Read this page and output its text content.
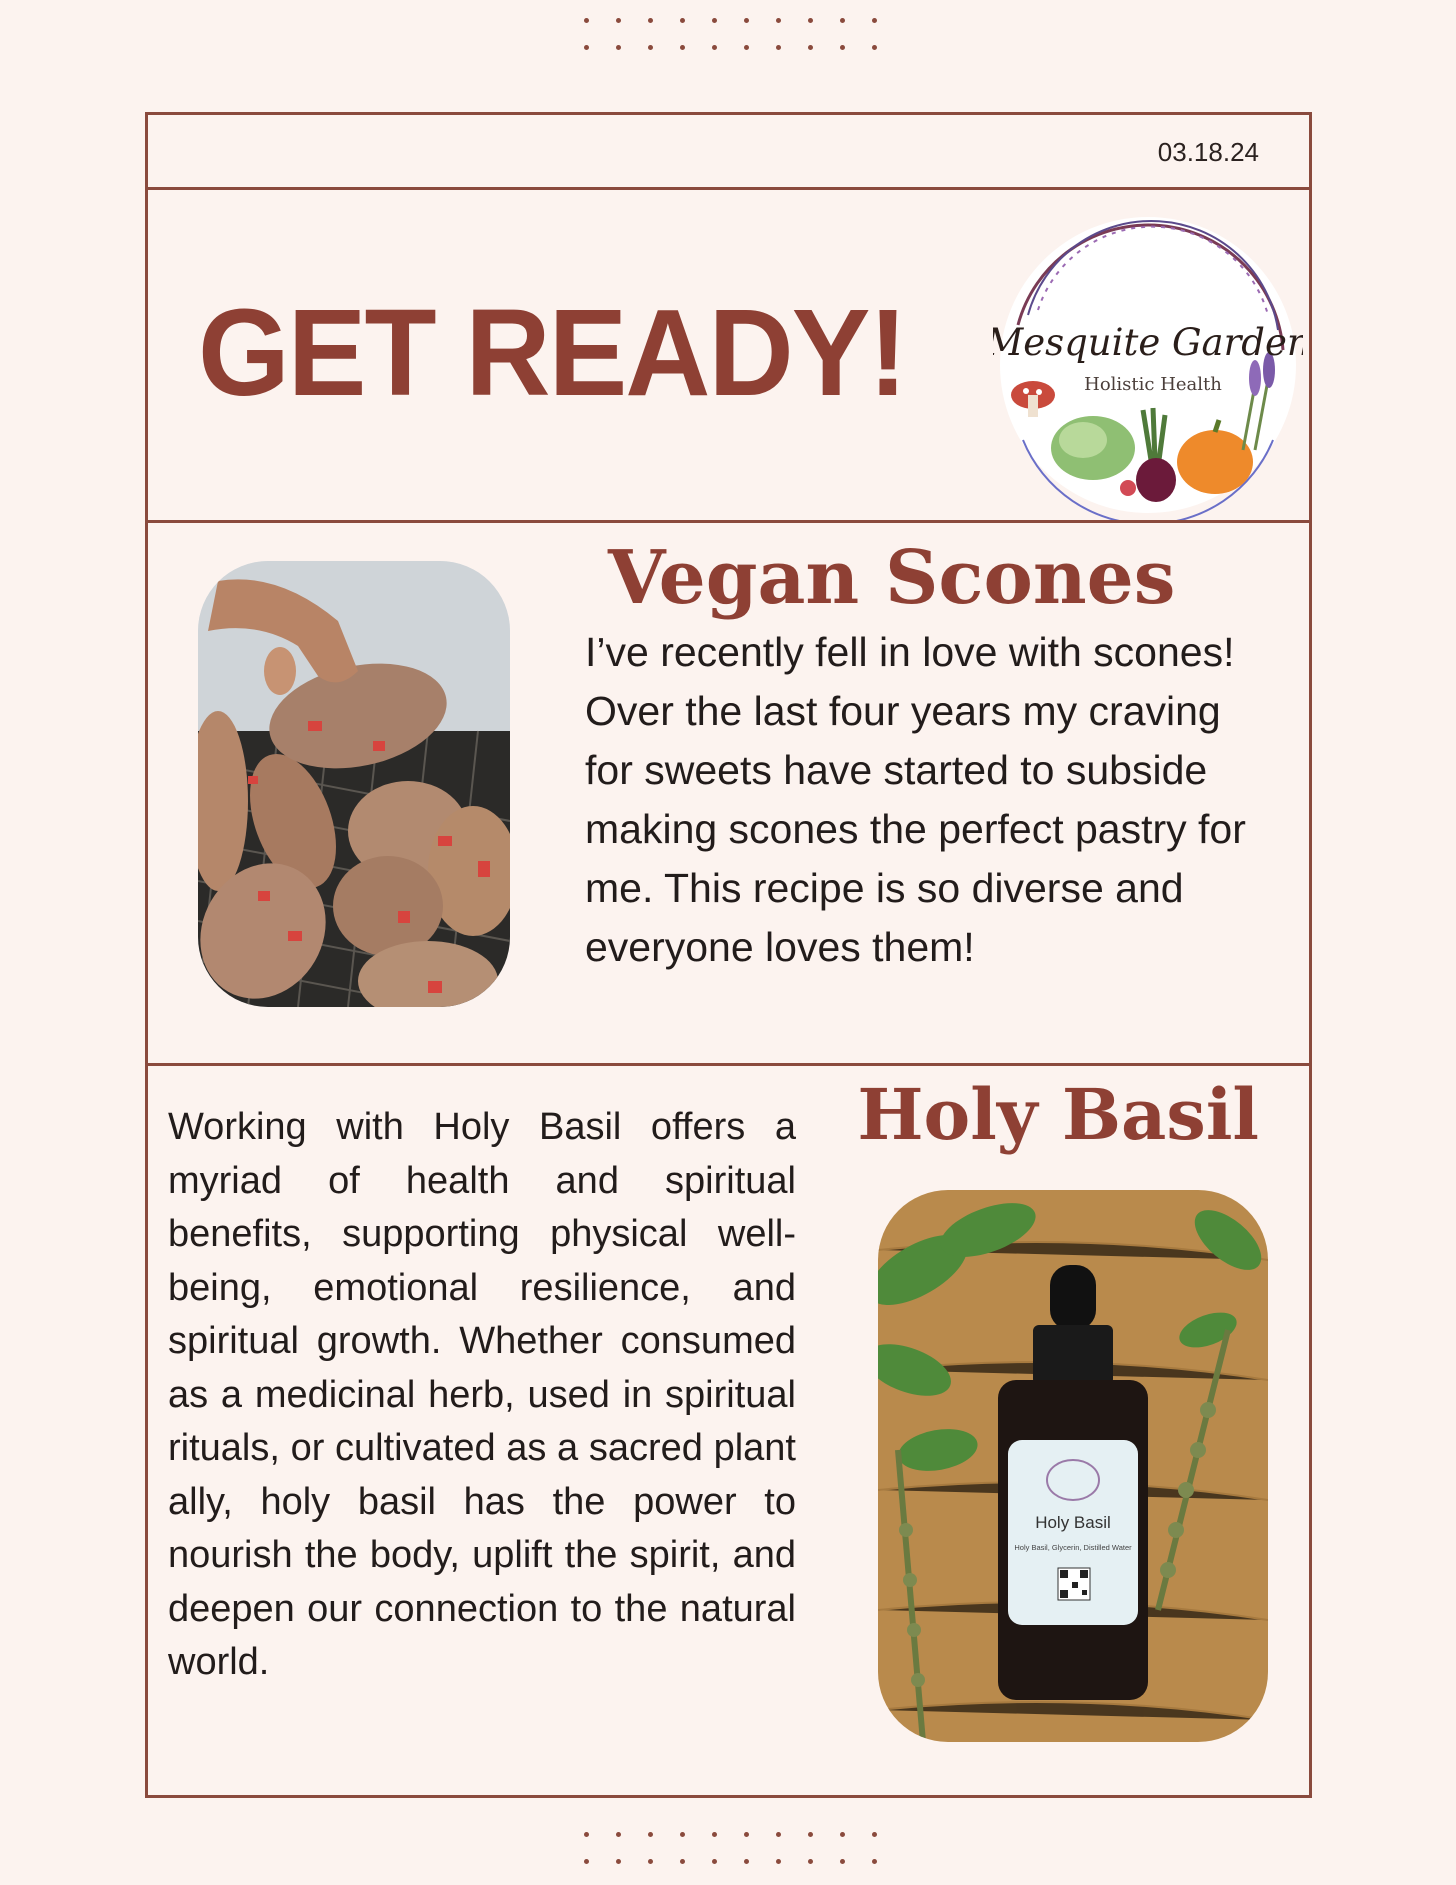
03.18.24
GET READY! Mesquite Garden
Holistic Health
Vegan Scones
I’ve recently fell in love with scones! Over the last four years my craving for sweets have started to subside making scones the perfect pastry for me. This recipe is so diverse and everyone loves them!
Holy Basil
Working with Holy Basil offers a myriad of health and spiritual benefits, supporting physical well-being, emotional resilience, and spiritual growth. Whether consumed as a medicinal herb, used in spiritual rituals, or cultivated as a sacred plant ally, holy basil has the power to nourish the body, uplift the spirit, and deepen our connection to the natural world.
Holy Basil
Holy Basil, Glycerin, Distilled Water
